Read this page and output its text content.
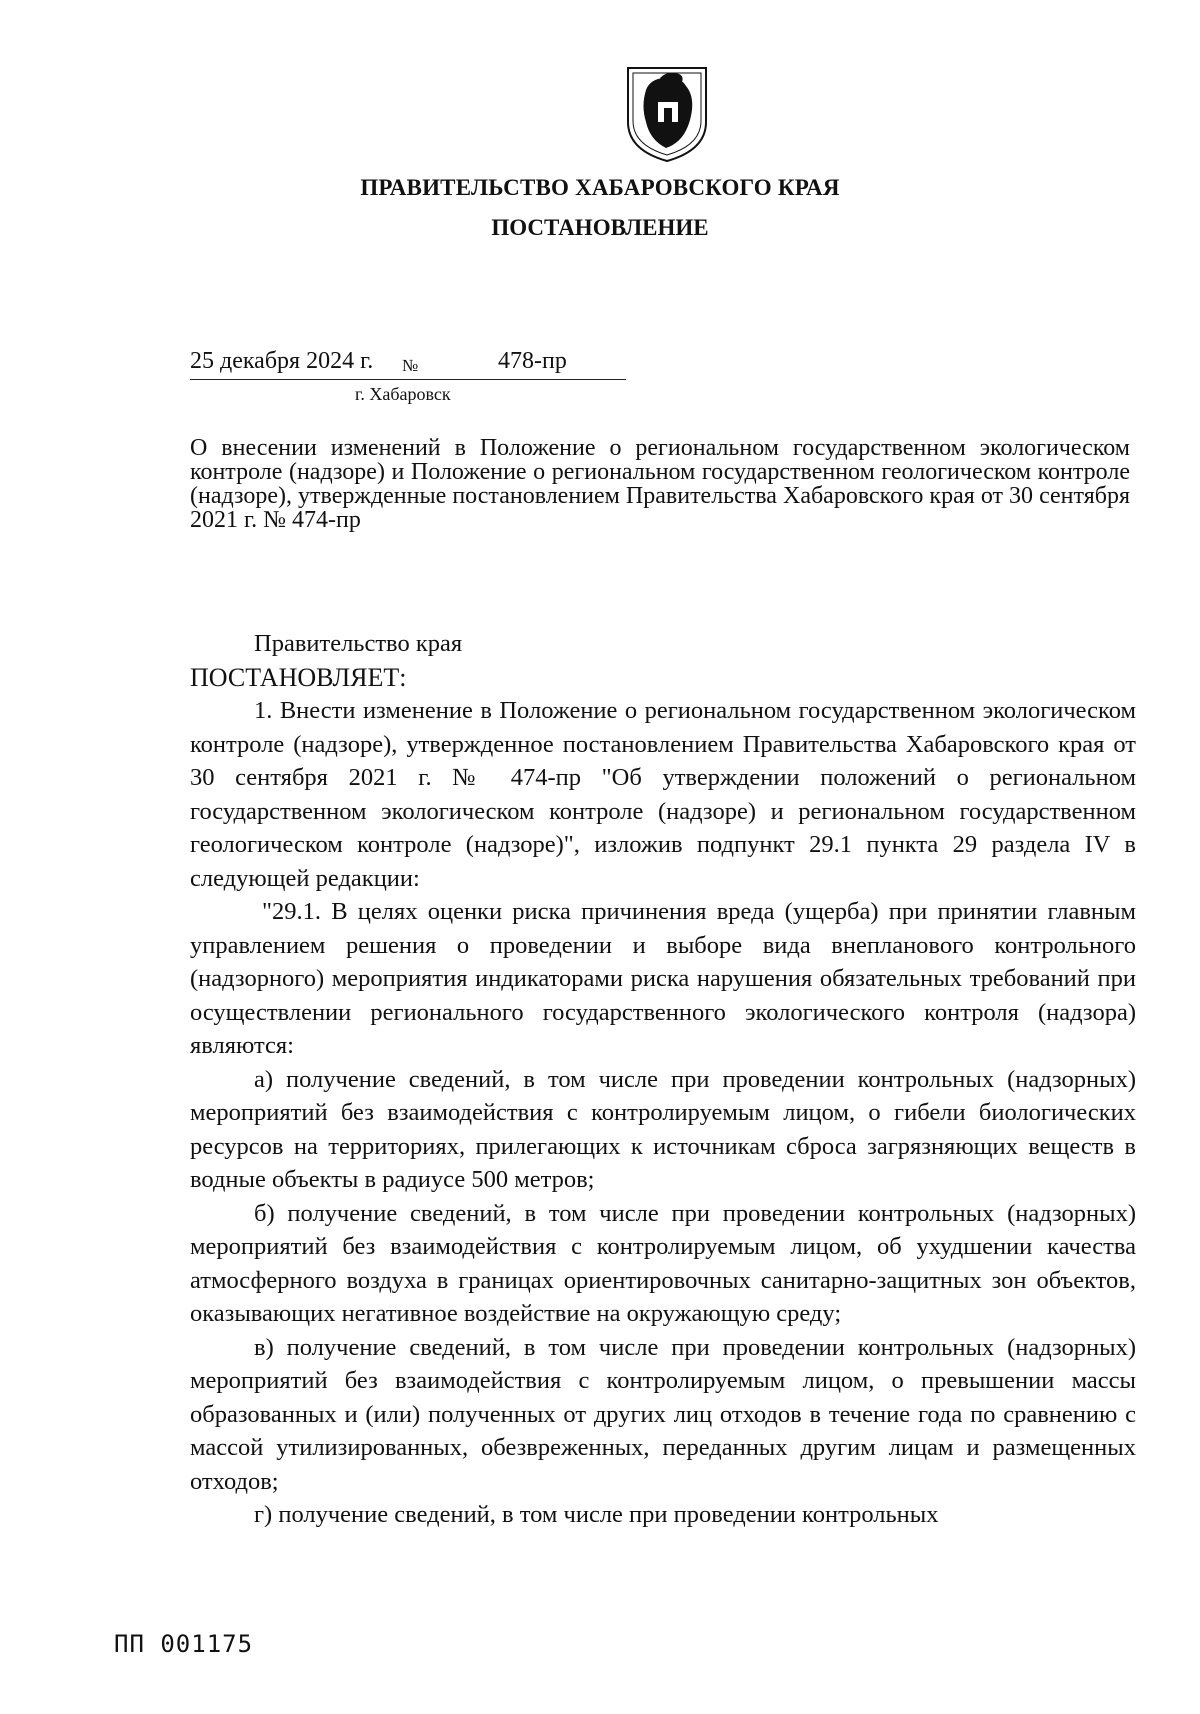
ПРАВИТЕЛЬСТВО ХАБАРОВСКОГО КРАЯ
ПОСТАНОВЛЕНИЕ
25 декабря 2024 г. №	478-пр
г. Хабаровск
О внесении изменений в Положение о региональном государственном экологическом контроле (надзоре) и Положение о региональном государственном геологическом контроле (надзоре), утвержденные постановлением Правительства Хабаровского края от 30 сентября 2021 г. № 474-пр

Правительство края

ПОСТАНОВЛЯЕТ:

1. Внести изменение в Положение о региональном государственном экологическом контроле (надзоре), утвержденное постановлением Правительства Хабаровского края от 30 сентября 2021 г. № 474-пр "Об утверждении положений о региональном государственном экологическом контроле (надзоре) и региональном государственном геологическом контроле (надзоре)", изложив подпункт 29.1 пункта 29 раздела IV в следующей редакции:

"29.1. В целях оценки риска причинения вреда (ущерба) при принятии главным управлением решения о проведении и выборе вида внепланового контрольного (надзорного) мероприятия индикаторами риска нарушения обязательных требований при осуществлении регионального государственного экологического контроля (надзора) являются:

а) получение сведений, в том числе при проведении контрольных (надзорных) мероприятий без взаимодействия с контролируемым лицом, о гибели биологических ресурсов на территориях, прилегающих к источникам сброса загрязняющих веществ в водные объекты в радиусе 500 метров;

б) получение сведений, в том числе при проведении контрольных (надзорных) мероприятий без взаимодействия с контролируемым лицом, об ухудшении качества атмосферного воздуха в границах ориентировочных санитарно-защитных зон объектов, оказывающих негативное воздействие на окружающую среду;

в) получение сведений, в том числе при проведении контрольных (надзорных) мероприятий без взаимодействия с контролируемым лицом, о превышении массы образованных и (или) полученных от других лиц отходов в течение года по сравнению с массой утилизированных, обезвреженных, переданных другим лицам и размещенных отходов;

г) получение сведений, в том числе при проведении контрольных

ПП 001175
